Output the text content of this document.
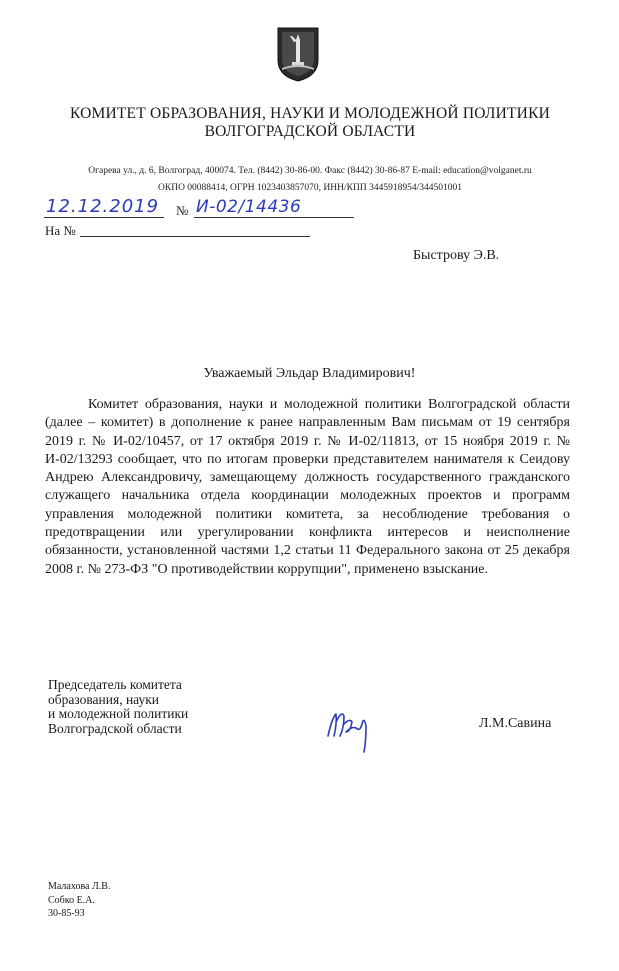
КОМИТЕТ ОБРАЗОВАНИЯ, НАУКИ И МОЛОДЕЖНОЙ ПОЛИТИКИ
ВОЛГОГРАДСКОЙ ОБЛАСТИ
Огарева ул., д. 6, Волгоград, 400074. Тел. (8442) 30-86-00. Факс (8442) 30-86-87 E-mail: education@volganet.ru
ОКПО 00088414, ОГРН 1023403857070, ИНН/КПП 3445918954/344501001
12.12.2019 № И-02/14436
На №
Быстрову Э.В.
Уважаемый Эльдар Владимирович!

Комитет образования, науки и молодежной политики Волгоградской области (далее – комитет) в дополнение к ранее направленным Вам письмам от 19 сентября 2019 г. № И-02/10457, от 17 октября 2019 г. № И-02/11813, от 15 ноября 2019 г. № И-02/13293 сообщает, что по итогам проверки представителем нанимателя к Сеидову Андрею Александровичу, замещающему должность государственного гражданского служащего начальника отдела координации молодежных проектов и программ управления молодежной политики комитета, за несоблюдение требования о предотвращении или урегулировании конфликта интересов и неисполнение обязанности, установленной частями 1,2 статьи 11 Федерального закона от 25 декабря 2008 г. № 273-ФЗ "О противодействии коррупции", применено взыскание.

Председатель комитета
образования, науки
и молодежной политики
Волгоградской области	Л.М.Савина
Малахова Л.В.
Собко Е.А.
30-85-93
